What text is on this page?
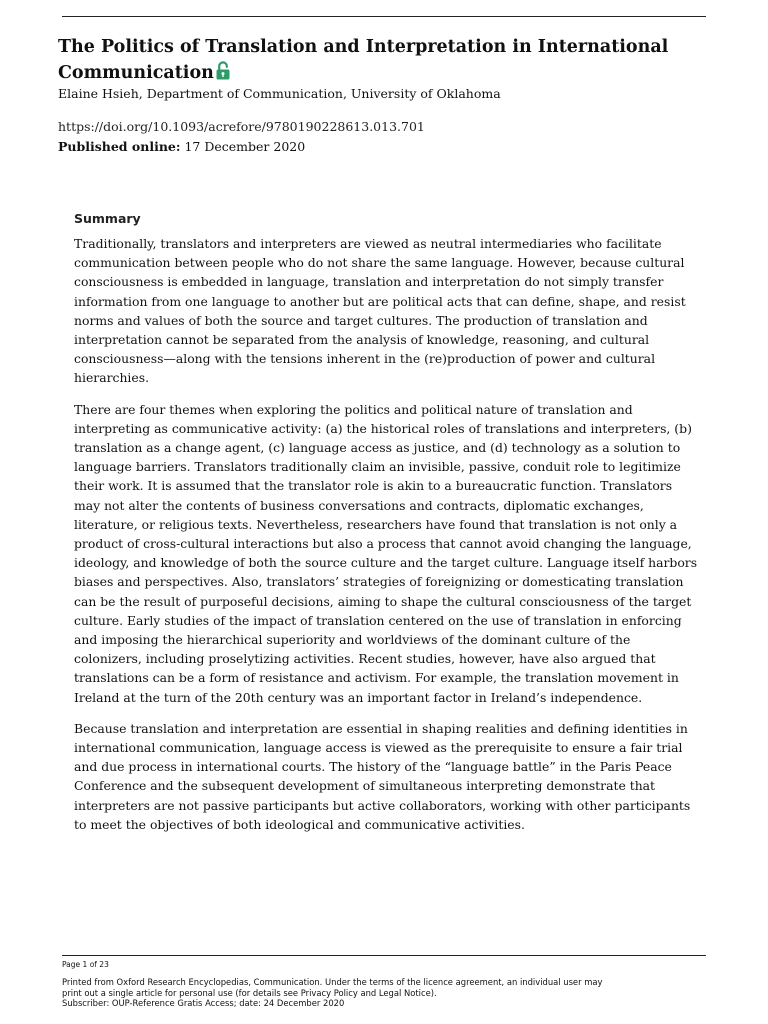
The Politics of Translation and Interpretation in International Communication
Elaine Hsieh, Department of Communication, University of Oklahoma
https://doi.org/10.1093/acrefore/9780190228613.013.701
Published online: 17 December 2020
Summary

Traditionally, translators and interpreters are viewed as neutral intermediaries who facilitate communication between people who do not share the same language. However, because cultural consciousness is embedded in language, translation and interpretation do not simply transfer information from one language to another but are political acts that can define, shape, and resist norms and values of both the source and target cultures. The production of translation and interpretation cannot be separated from the analysis of knowledge, reasoning, and cultural consciousness—along with the tensions inherent in the (re)production of power and cultural hierarchies.

There are four themes when exploring the politics and political nature of translation and interpreting as communicative activity: (a) the historical roles of translations and interpreters, (b) translation as a change agent, (c) language access as justice, and (d) technology as a solution to language barriers. Translators traditionally claim an invisible, passive, conduit role to legitimize their work. It is assumed that the translator role is akin to a bureaucratic function. Translators may not alter the contents of business conversations and contracts, diplomatic exchanges, literature, or religious texts. Nevertheless, researchers have found that translation is not only a product of cross-cultural interactions but also a process that cannot avoid changing the language, ideology, and knowledge of both the source culture and the target culture. Language itself harbors biases and perspectives. Also, translators’ strategies of foreignizing or domesticating translation can be the result of purposeful decisions, aiming to shape the cultural consciousness of the target culture. Early studies of the impact of translation centered on the use of translation in enforcing and imposing the hierarchical superiority and worldviews of the dominant culture of the colonizers, including proselytizing activities. Recent studies, however, have also argued that translations can be a form of resistance and activism. For example, the translation movement in Ireland at the turn of the 20th century was an important factor in Ireland’s independence.

Because translation and interpretation are essential in shaping realities and defining identities in international communication, language access is viewed as the prerequisite to ensure a fair trial and due process in international courts. The history of the “language battle” in the Paris Peace Conference and the subsequent development of simultaneous interpreting demonstrate that interpreters are not passive participants but active collaborators, working with other participants to meet the objectives of both ideological and communicative activities.

Page 1 of 23
Printed from Oxford Research Encyclopedias, Communication. Under the terms of the licence agreement, an individual user may
print out a single article for personal use (for details see Privacy Policy and Legal Notice).
Subscriber: OUP-Reference Gratis Access; date: 24 December 2020
